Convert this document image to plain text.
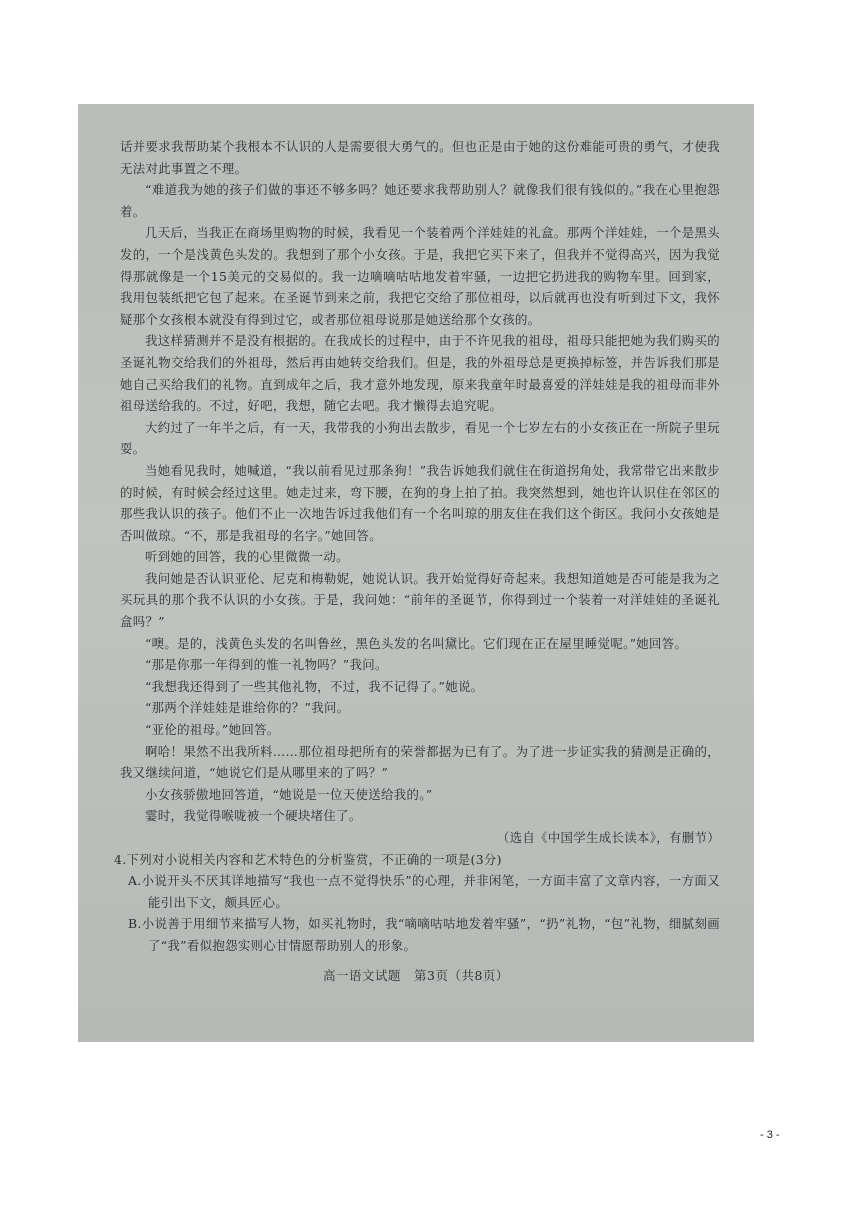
话并要求我帮助某个我根本不认识的人是需要很大勇气的。但也正是由于她的这份难能可贵的勇气，才使我无法对此事置之不理。

“难道我为她的孩子们做的事还不够多吗？她还要求我帮助别人？就像我们很有钱似的。”我在心里抱怨着。

几天后，当我正在商场里购物的时候，我看见一个装着两个洋娃娃的礼盒。那两个洋娃娃，一个是黑头发的，一个是浅黄色头发的。我想到了那个小女孩。于是，我把它买下来了，但我并不觉得高兴，因为我觉得那就像是一个15美元的交易似的。我一边嘀嘀咕咕地发着牢骚，一边把它扔进我的购物车里。回到家，我用包装纸把它包了起来。在圣诞节到来之前，我把它交给了那位祖母，以后就再也没有听到过下文，我怀疑那个女孩根本就没有得到过它，或者那位祖母说那是她送给那个女孩的。

我这样猜测并不是没有根据的。在我成长的过程中，由于不许见我的祖母，祖母只能把她为我们购买的圣诞礼物交给我们的外祖母，然后再由她转交给我们。但是，我的外祖母总是更换掉标签，并告诉我们那是她自己买给我们的礼物。直到成年之后，我才意外地发现，原来我童年时最喜爱的洋娃娃是我的祖母而非外祖母送给我的。不过，好吧，我想，随它去吧。我才懒得去追究呢。

大约过了一年半之后，有一天，我带我的小狗出去散步，看见一个七岁左右的小女孩正在一所院子里玩耍。

当她看见我时，她喊道，“我以前看见过那条狗！”我告诉她我们就住在街道拐角处，我常带它出来散步的时候，有时候会经过这里。她走过来，弯下腰，在狗的身上拍了拍。我突然想到，她也许认识住在邻区的那些我认识的孩子。他们不止一次地告诉过我他们有一个名叫琼的朋友住在我们这个街区。我问小女孩她是否叫做琼。“不，那是我祖母的名字。”她回答。

听到她的回答，我的心里微微一动。

我问她是否认识亚伦、尼克和梅勒妮，她说认识。我开始觉得好奇起来。我想知道她是否可能是我为之买玩具的那个我不认识的小女孩。于是，我问她：“前年的圣诞节，你得到过一个装着一对洋娃娃的圣诞礼盒吗？”

“噢。是的，浅黄色头发的名叫鲁丝，黑色头发的名叫黛比。它们现在正在屋里睡觉呢。”她回答。

“那是你那一年得到的惟一礼物吗？”我问。

“我想我还得到了一些其他礼物，不过，我不记得了。”她说。

“那两个洋娃娃是谁给你的？”我问。

“亚伦的祖母。”她回答。

啊哈！果然不出我所料……那位祖母把所有的荣誉都据为已有了。为了进一步证实我的猜测是正确的，我又继续问道，“她说它们是从哪里来的了吗？”

小女孩骄傲地回答道，“她说是一位天使送给我的。”

霎时，我觉得喉咙被一个硬块堵住了。

（选自《中国学生成长读本》，有删节）

4.下列对小说相关内容和艺术特色的分析鉴赏，不正确的一项是(3分)

A.小说开头不厌其详地描写“我也一点不觉得快乐”的心理，并非闲笔，一方面丰富了文章内容，一方面又能引出下文，颇具匠心。

B.小说善于用细节来描写人物，如买礼物时，我“嘀嘀咕咕地发着牢骚”，“扔”礼物，“包”礼物，细腻刻画了“我”看似抱怨实则心甘情愿帮助别人的形象。

高一语文试题　第3页（共8页）
- 3 -
